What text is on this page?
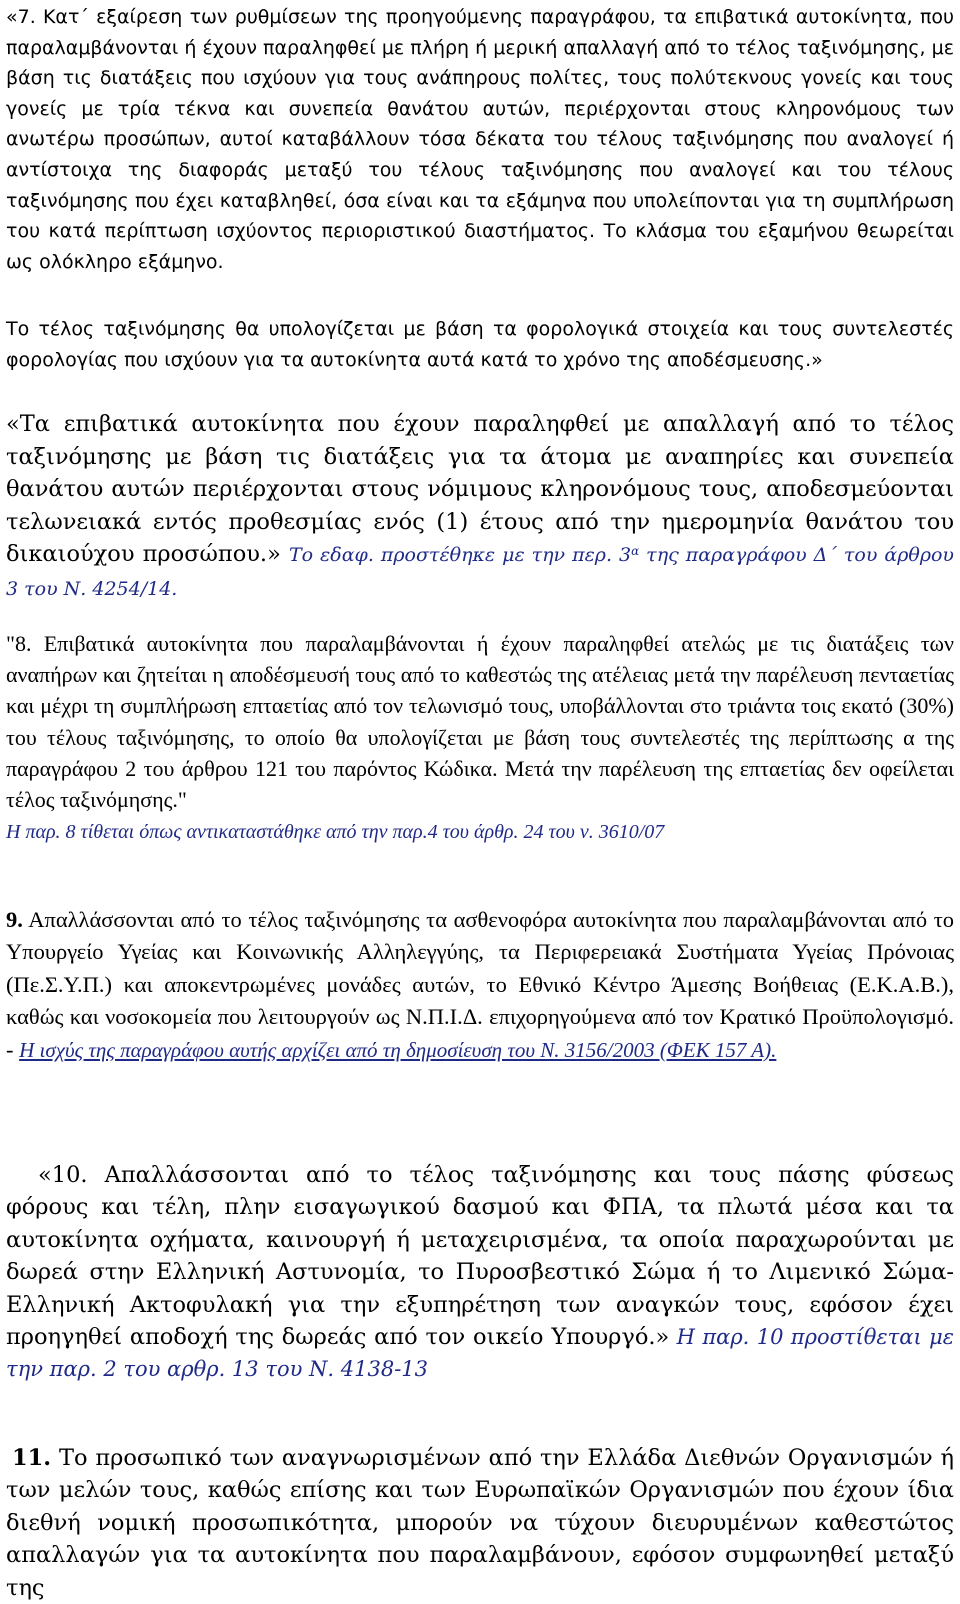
«7. Κατ΄ εξαίρεση των ρυθμίσεων της προηγούμενης παραγράφου, τα επιβατικά αυτοκίνητα, που παραλαμβάνονται ή έχουν παραληφθεί με πλήρη ή μερική απαλλαγή από το τέλος ταξινόμησης, με βάση τις διατάξεις που ισχύουν για τους ανάπηρους πολίτες, τους πολύτεκνους γονείς και τους γονείς με τρία τέκνα και συνεπεία θανάτου αυτών, περιέρχονται στους κληρονόμους των ανωτέρω προσώπων, αυτοί καταβάλλουν τόσα δέκατα του τέλους ταξινόμησης που αναλογεί ή αντίστοιχα της διαφοράς μεταξύ του τέλους ταξινόμησης που αναλογεί και του τέλους ταξινόμησης που έχει καταβληθεί, όσα είναι και τα εξάμηνα που υπολείπονται για τη συμπλήρωση του κατά περίπτωση ισχύοντος περιοριστικού διαστήματος. Το κλάσμα του εξαμήνου θεωρείται ως ολόκληρο εξάμηνο.

Το τέλος ταξινόμησης θα υπολογίζεται με βάση τα φορολογικά στοιχεία και τους συντελεστές φορολογίας που ισχύουν για τα αυτοκίνητα αυτά κατά το χρόνο της αποδέσμευσης.»

«Τα επιβατικά αυτοκίνητα που έχουν παραληφθεί με απαλλαγή από το τέλος ταξινόμησης με βάση τις διατάξεις για τα άτομα με αναπηρίες και συνεπεία θανάτου αυτών περιέρχονται στους νόμιμους κληρονόμους τους, αποδεσμεύονται τελωνειακά εντός προθεσμίας ενός (1) έτους από την ημερομηνία θανάτου του δικαιούχου προσώπου.» Το εδαφ. προστέθηκε με την περ. $3^\alpha$ της παραγράφου Δ΄ του άρθρου 3 του Ν. 4254/14.

"8. Επιβατικά αυτοκίνητα που παραλαμβάνονται ή έχουν παραληφθεί ατελώς με τις διατάξεις των αναπήρων και ζητείται η αποδέσμευσή τους από το καθεστώς της ατέλειας μετά την παρέλευση πενταετίας και μέχρι τη συμπλήρωση επταετίας από τον τελωνισμό τους, υποβάλλονται στο τριάντα τοις εκατό (30%) του τέλους ταξινόμησης, το οποίο θα υπολογίζεται με βάση τους συντελεστές της περίπτωσης α της παραγράφου 2 του άρθρου 121 του παρόντος Κώδικα. Μετά την παρέλευση της επταετίας δεν οφείλεται τέλος ταξινόμησης."
Η παρ. 8 τίθεται όπως αντικαταστάθηκε από την παρ.4 του άρθρ. 24 του ν. 3610/07

9. Απαλλάσσονται από το τέλος ταξινόμησης τα ασθενοφόρα αυτοκίνητα που παραλαμβάνονται από το Υπουργείο Υγείας και Κοινωνικής Αλληλεγγύης, τα Περιφερειακά Συστήματα Υγείας Πρόνοιας (Πε.Σ.Υ.Π.) και αποκεντρωμένες μονάδες αυτών, το Εθνικό Κέντρο Άμεσης Βοήθειας (Ε.Κ.Α.Β.), καθώς και νοσοκομεία που λειτουργούν ως Ν.Π.Ι.Δ. επιχορηγούμενα από τον Κρατικό Προϋπολογισμό. - Η ισχύς της παραγράφου αυτής αρχίζει από τη δημοσίευση του Ν. 3156/2003 (ΦΕΚ 157 Α).

«10. Απαλλάσσονται από το τέλος ταξινόμησης και τους πάσης φύσεως φόρους και τέλη, πλην εισαγωγικού δασμού και ΦΠΑ, τα πλωτά μέσα και τα αυτοκίνητα οχήματα, καινουργή ή μεταχειρισμένα, τα οποία παραχωρούνται με δωρεά στην Ελληνική Αστυνομία, το Πυροσβεστικό Σώμα ή το Λιμενικό Σώμα-Ελληνική Ακτοφυλακή για την εξυπηρέτηση των αναγκών τους, εφόσον έχει προηγηθεί αποδοχή της δωρεάς από τον οικείο Υπουργό.» Η παρ. 10 προστίθεται με την παρ. 2 του αρθρ. 13 του Ν. 4138-13

11. Το προσωπικό των αναγνωρισμένων από την Ελλάδα Διεθνών Οργανισμών ή των μελών τους, καθώς επίσης και των Ευρωπαϊκών Οργανισμών που έχουν ίδια διεθνή νομική προσωπικότητα, μπορούν να τύχουν διευρυμένων καθεστώτος απαλλαγών για τα αυτοκίνητα που παραλαμβάνουν, εφόσον συμφωνηθεί μεταξύ της
